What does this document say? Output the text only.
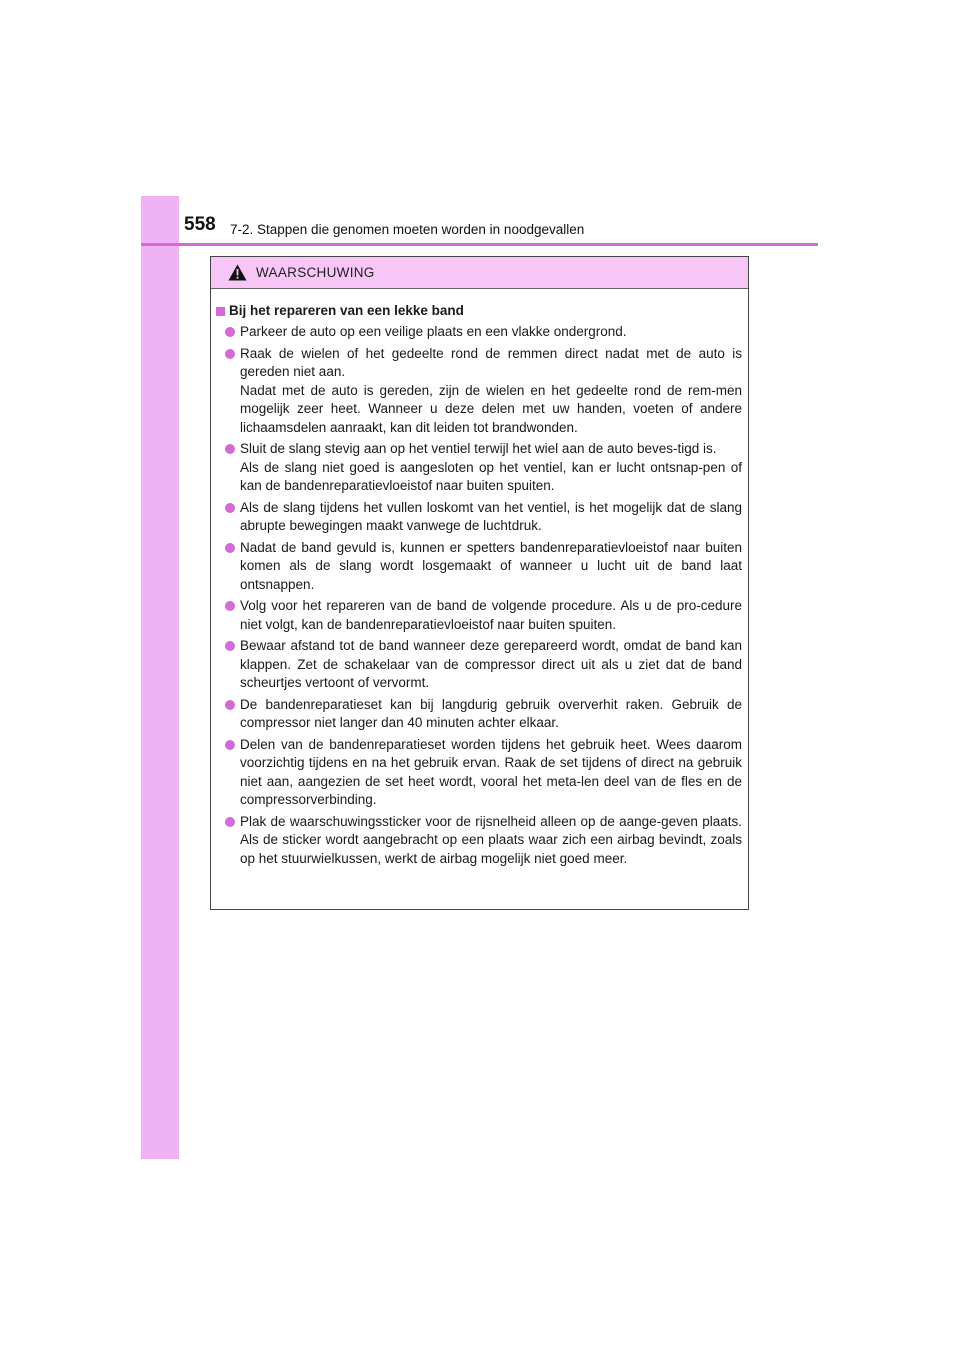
558 7-2. Stappen die genomen moeten worden in noodgevallen
WAARSCHUWING
Bij het repareren van een lekke band
Parkeer de auto op een veilige plaats en een vlakke ondergrond.
Raak de wielen of het gedeelte rond de remmen direct nadat met de auto is gereden niet aan.
Nadat met de auto is gereden, zijn de wielen en het gedeelte rond de rem-men mogelijk zeer heet. Wanneer u deze delen met uw handen, voeten of andere lichaamsdelen aanraakt, kan dit leiden tot brandwonden.
Sluit de slang stevig aan op het ventiel terwijl het wiel aan de auto beves-tigd is.
Als de slang niet goed is aangesloten op het ventiel, kan er lucht ontsnap-pen of kan de bandenreparatievloeistof naar buiten spuiten.
Als de slang tijdens het vullen loskomt van het ventiel, is het mogelijk dat de slang abrupte bewegingen maakt vanwege de luchtdruk.
Nadat de band gevuld is, kunnen er spetters bandenreparatievloeistof naar buiten komen als de slang wordt losgemaakt of wanneer u lucht uit de band laat ontsnappen.
Volg voor het repareren van de band de volgende procedure. Als u de pro-cedure niet volgt, kan de bandenreparatievloeistof naar buiten spuiten.
Bewaar afstand tot de band wanneer deze gerepareerd wordt, omdat de band kan klappen. Zet de schakelaar van de compressor direct uit als u ziet dat de band scheurtjes vertoont of vervormt.
De bandenreparatieset kan bij langdurig gebruik oververhit raken. Gebruik de compressor niet langer dan 40 minuten achter elkaar.
Delen van de bandenreparatieset worden tijdens het gebruik heet. Wees daarom voorzichtig tijdens en na het gebruik ervan. Raak de set tijdens of direct na gebruik niet aan, aangezien de set heet wordt, vooral het meta-len deel van de fles en de compressorverbinding.
Plak de waarschuwingssticker voor de rijsnelheid alleen op de aange-geven plaats. Als de sticker wordt aangebracht op een plaats waar zich een airbag bevindt, zoals op het stuurwielkussen, werkt de airbag mogelijk niet goed meer.
